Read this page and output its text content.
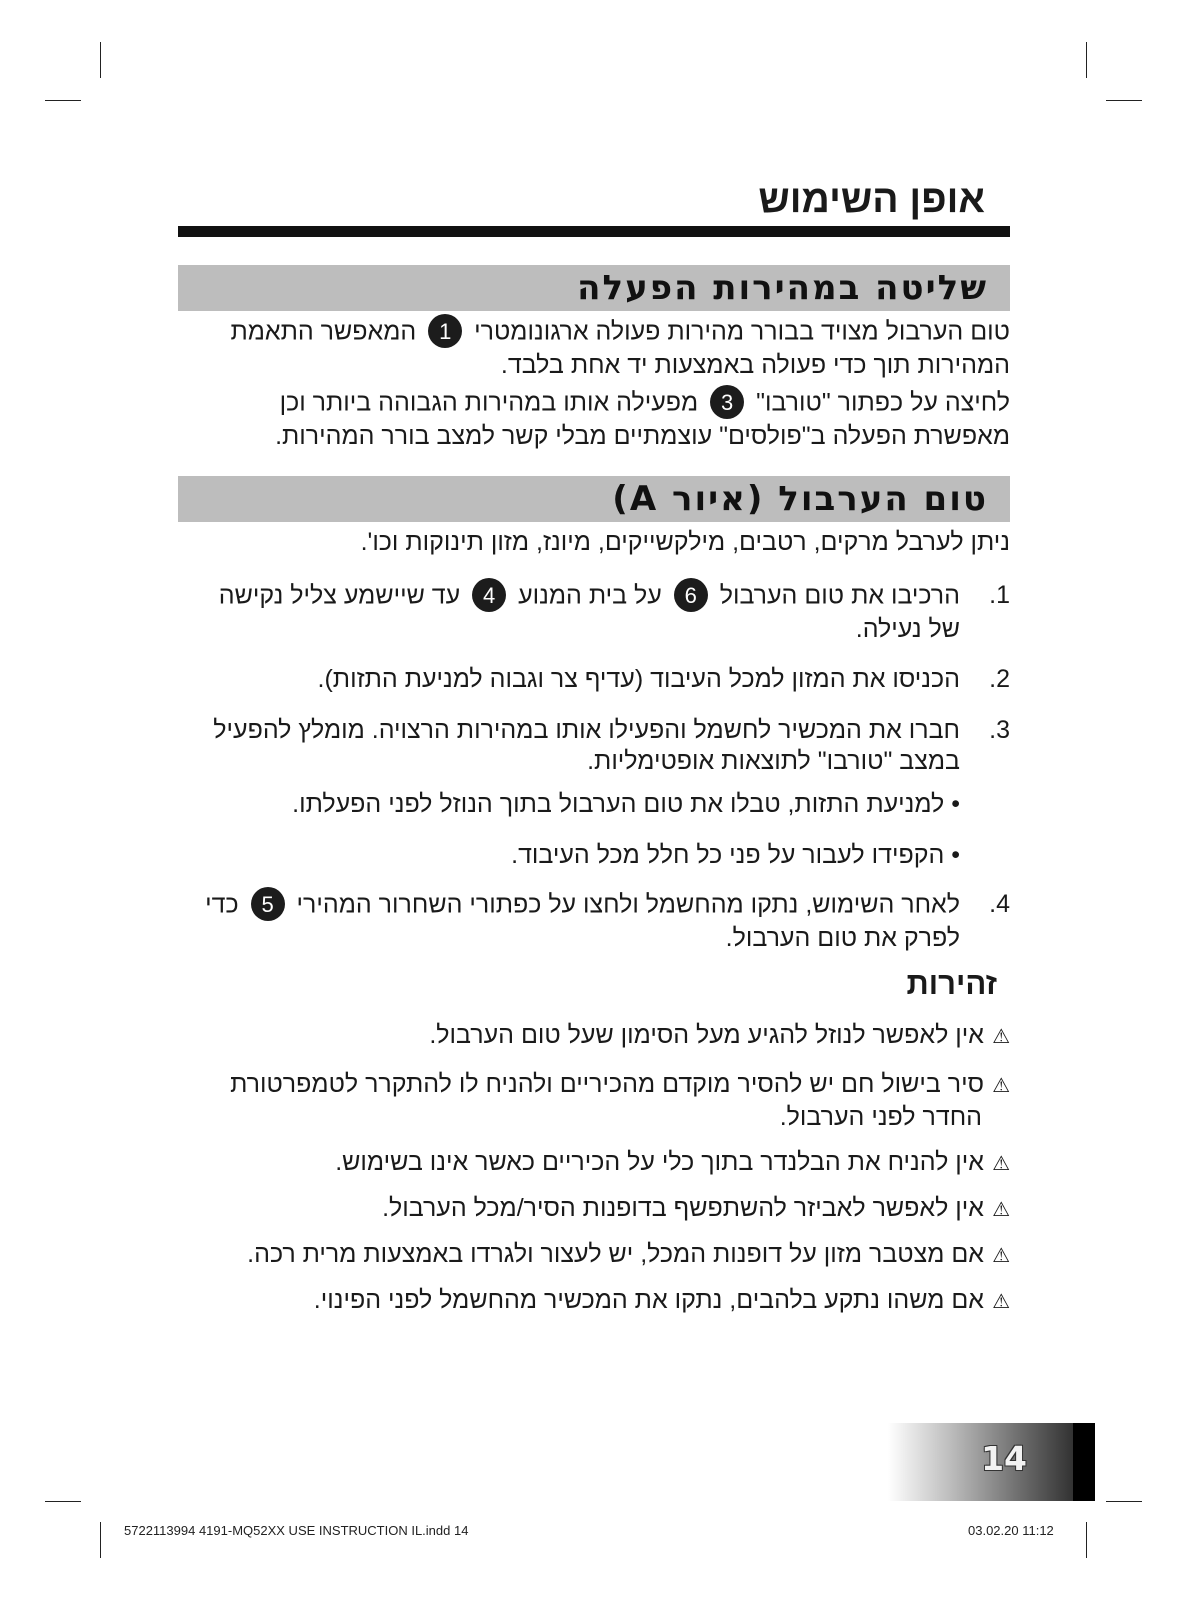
אופן השימוש
שליטה במהירות הפעלה
טום הערבול מצויד בבורר מהירות פעולה ארגונומטרי 1 המאפשר התאמת
המהירות תוך כדי פעולה באמצעות יד אחת בלבד.
לחיצה על כפתור "טורבו" 3 מפעילה אותו במהירות הגבוהה ביותר וכן
מאפשרת הפעלה ב"פולסים" עוצמתיים מבלי קשר למצב בורר המהירות.
טום הערבול (איור A)
ניתן לערבל מרקים, רטבים, מילקשייקים, מיונז, מזון תינוקות וכו'.
1.
הרכיבו את טום הערבול 6 על בית המנוע 4 עד שיישמע צליל נקישה
של נעילה.
2.
הכניסו את המזון למכל העיבוד (עדיף צר וגבוה למניעת התזות).
3.
חברו את המכשיר לחשמל והפעילו אותו במהירות הרצויה. מומלץ להפעיל
במצב "טורבו" לתוצאות אופטימליות.
• למניעת התזות, טבלו את טום הערבול בתוך הנוזל לפני הפעלתו.
• הקפידו לעבור על פני כל חלל מכל העיבוד.
4.
לאחר השימוש, נתקו מהחשמל ולחצו על כפתורי השחרור המהירי 5 כדי
לפרק את טום הערבול.
זהירות
⚠אין לאפשר לנוזל להגיע מעל הסימון שעל טום הערבול.
⚠סיר בישול חם יש להסיר מוקדם מהכיריים ולהניח לו להתקרר לטמפרטורת
החדר לפני הערבול.
⚠אין להניח את הבלנדר בתוך כלי על הכיריים כאשר אינו בשימוש.
⚠אין לאפשר לאביזר להשתפשף בדופנות הסיר/מכל הערבול.
⚠אם מצטבר מזון על דופנות המכל, יש לעצור ולגרדו באמצעות מרית רכה.
⚠אם משהו נתקע בלהבים, נתקו את המכשיר מהחשמל לפני הפינוי.
14
5722113994 4191-MQ52XX USE INSTRUCTION IL.indd 14	03.02.20 11:12
